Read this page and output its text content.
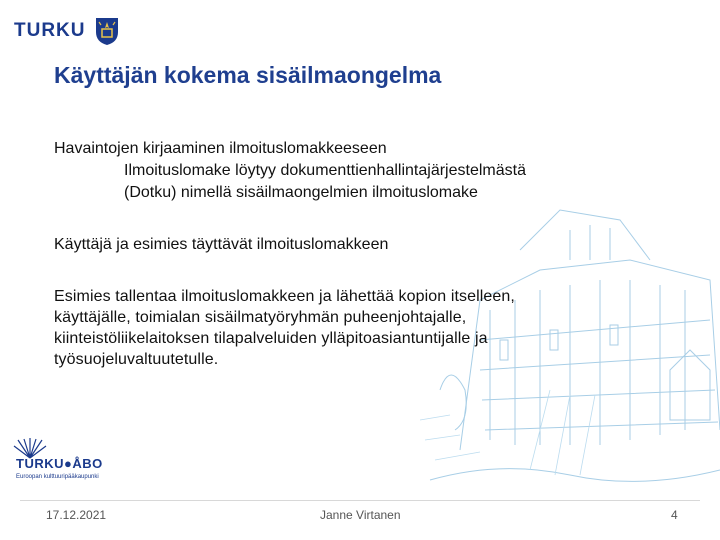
TURKU
Käyttäjän kokema sisäilmaongelma

Havaintojen kirjaaminen ilmoituslomakkeeseen

Ilmoituslomake löytyy dokumenttienhallintajärjestelmästä

(Dotku) nimellä sisäilmaongelmien ilmoituslomake

Käyttäjä ja esimies täyttävät ilmoituslomakkeen
Esimies tallentaa ilmoituslomakkeen ja lähettää kopion itselleen,
käyttäjälle, toimialan sisäilmatyöryhmän puheenjohtajalle,
kiinteistöliikelaitoksen tilapalveluiden ylläpitoasiantuntijalle ja
työsuojeluvaltuutetulle.
TURKU●ÅBO
Euroopan kulttuuripääkaupunki
17.12.2021	Janne Virtanen	4
